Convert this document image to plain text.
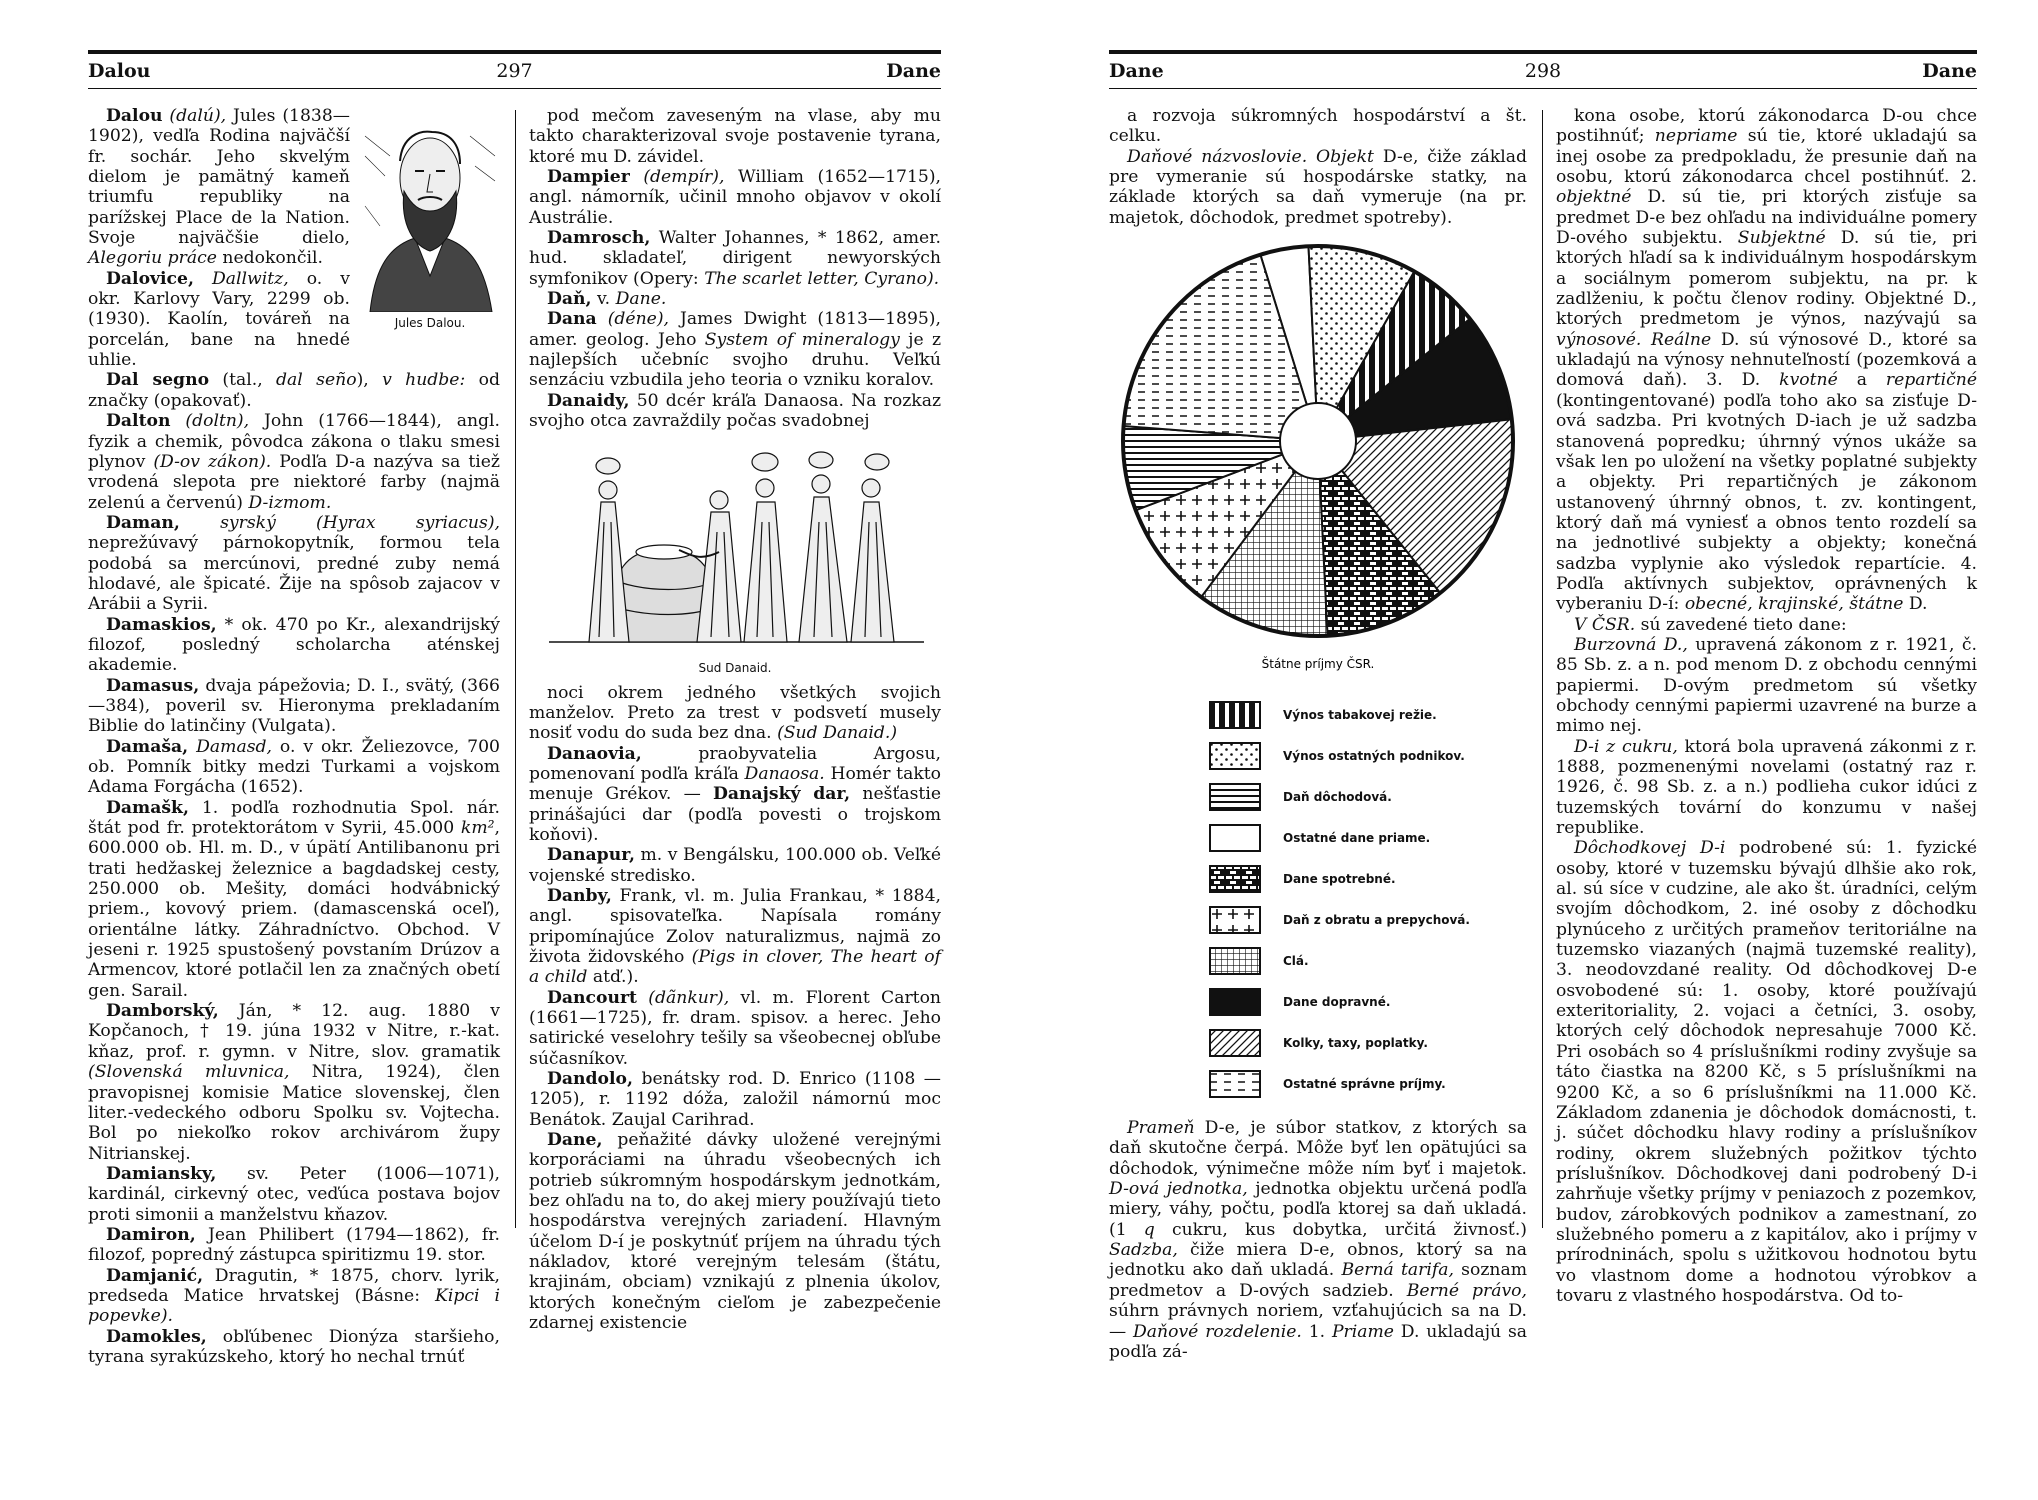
Dalou	297	Dane
Jules Dalou.

Dalou (dalú), Jules (1838—1902), vedľa Rodina najväčší fr. sochár. Jeho skvelým dielom je pamätný kameň triumfu republiky na parížskej Place de la Nation. Svoje najväčšie dielo, Alegoriu práce nedokončil.

Dalovice, Dallwitz, o. v okr. Karlovy Vary, 2299 ob. (1930). Kaolín, továreň na porcelán, bane na hnedé uhlie.

Dal segno (tal., dal seño), v hudbe: od značky (opakovať).

Dalton (doltn), John (1766—1844), angl. fyzik a chemik, pôvodca zákona o tlaku smesi plynov (D-ov zákon). Podľa D-a nazýva sa tiež vrodená slepota pre niektoré farby (najmä zelenú a červenú) D-izmom.

Daman, syrský (Hyrax syriacus), neprežúvavý párnokopytník, formou tela podobá sa mercúnovi, predné zuby nemá hlodavé, ale špicaté. Žije na spôsob zajacov v Arábii a Syrii.

Damaskios, * ok. 470 po Kr., alexandrijský filozof, posledný scholarcha aténskej akademie.

Damasus, dvaja pápežovia; D. I., svätý, (366—384), poveril sv. Hieronyma prekladaním Biblie do latinčiny (Vulgata).

Damaša, Damasd, o. v okr. Želiezovce, 700 ob. Pomník bitky medzi Turkami a vojskom Adama Forgácha (1652).

Damašk, 1. podľa rozhodnutia Spol. nár. štát pod fr. protektorátom v Syrii, 45.000 km², 600.000 ob. Hl. m. D., v úpätí Antilibanonu pri trati hedžaskej železnice a bagdadskej cesty, 250.000 ob. Mešity, domáci hodvábnický priem., kovový priem. (damascenská oceľ), orientálne látky. Záhradníctvo. Obchod. V jeseni r. 1925 spustošený povstaním Drúzov a Armencov, ktoré potlačil len za značných obetí gen. Sarail.

Damborský, Ján, * 12. aug. 1880 v Kopčanoch, † 19. júna 1932 v Nitre, r.-kat. kňaz, prof. r. gymn. v Nitre, slov. gramatik (Slovenská mluvnica, Nitra, 1924), člen pravopisnej komisie Matice slovenskej, člen liter.-vedeckého odboru Spolku sv. Vojtecha. Bol po niekoľko rokov archivárom župy Nitrianskej.

Damiansky, sv. Peter (1006—1071), kardinál, cirkevný otec, veďúca postava bojov proti simonii a manželstvu kňazov.

Damiron, Jean Philibert (1794—1862), fr. filozof, popredný zástupca spiritizmu 19. stor.

Damjanić, Dragutin, * 1875, chorv. lyrik, predseda Matice hrvatskej (Básne: Kipci i popevke).

Damokles, obľúbenec Dionýza staršieho, tyrana syrakúzskeho, ktorý ho nechal trnúť

pod mečom zaveseným na vlase, aby mu takto charakterizoval svoje postavenie tyrana, ktoré mu D. závidel.

Dampier (dempír), William (1652—1715), angl. námorník, učinil mnoho objavov v okolí Austrálie.

Damrosch, Walter Johannes, * 1862, amer. hud. skladateľ, dirigent newyorských symfonikov (Opery: The scarlet letter, Cyrano).

Daň, v. Dane.

Dana (déne), James Dwight (1813—1895), amer. geolog. Jeho System of mineralogy je z najlepších učebníc svojho druhu. Veľkú senzáciu vzbudila jeho teoria o vzniku koralov.

Danaidy, 50 dcér kráľa Danaosa. Na rozkaz svojho otca zavraždily počas svadobnej

Sud Danaid.

noci okrem jedného všetkých svojich manželov. Preto za trest v podsvetí musely nosiť vodu do suda bez dna. (Sud Danaid.)

Danaovia, praobyvatelia Argosu, pomenovaní podľa kráľa Danaosa. Homér takto menuje Grékov. — Danajský dar, nešťastie prinášajúci dar (podľa povesti o trojskom koňovi).

Danapur, m. v Bengálsku, 100.000 ob. Veľké vojenské stredisko.

Danby, Frank, vl. m. Julia Frankau, * 1884, angl. spisovateľka. Napísala romány pripomínajúce Zolov naturalizmus, najmä zo života židovského (Pigs in clover, The heart of a child atď.).

Dancourt (dãnkur), vl. m. Florent Carton (1661—1725), fr. dram. spisov. a herec. Jeho satirické veselohry tešily sa všeobecnej obľube súčasníkov.

Dandolo, benátsky rod. D. Enrico (1108 —1205), r. 1192 dóža, založil námornú moc Benátok. Zaujal Carihrad.

Dane, peňažité dávky uložené verejnými korporáciami na úhradu všeobecných ich potrieb súkromným hospodárskym jednotkám, bez ohľadu na to, do akej miery používajú tieto hospodárstva verejných zariadení. Hlavným účelom D-í je poskytnúť príjem na úhradu tých nákladov, ktoré verejným telesám (štátu, krajinám, obciam) vznikajú z plnenia úkolov, ktorých konečným cieľom je zabezpečenie zdarnej existencie

Dane	298	Dane

a rozvoja súkromných hospodárství a št. celku.

Daňové názvoslovie. Objekt D-e, čiže základ pre vymeranie sú hospodárske statky, na základe ktorých sa daň vymeruje (na pr. majetok, dôchodok, predmet spotreby).

Štátne príjmy ČSR.
Výnos tabakovej režie.
Výnos ostatných podnikov.
Daň dôchodová.
Ostatné dane priame.
Dane spotrebné.
Daň z obratu a prepychová.
Clá.
Dane dopravné.
Kolky, taxy, poplatky.
Ostatné správne príjmy.

Prameň D-e, je súbor statkov, z ktorých sa daň skutočne čerpá. Môže byť len opätujúci sa dôchodok, výnimečne môže ním byť i majetok. D-ová jednotka, jednotka objektu určená podľa miery, váhy, počtu, podľa ktorej sa daň ukladá. (1 q cukru, kus dobytka, určitá živnosť.) Sadzba, čiže miera D-e, obnos, ktorý sa na jednotku ako daň ukladá. Berná tarifa, soznam predmetov a D-ových sadzieb. Berné právo, súhrn právnych noriem, vzťahujúcich sa na D. — Daňové rozdelenie. 1. Priame D. ukladajú sa podľa zá-

kona osobe, ktorú zákonodarca D-ou chce postihnúť; nepriame sú tie, ktoré ukladajú sa inej osobe za predpokladu, že presunie daň na osobu, ktorú zákonodarca chcel postihnúť. 2. objektné D. sú tie, pri ktorých zisťuje sa predmet D-e bez ohľadu na individuálne pomery D-ového subjektu. Subjektné D. sú tie, pri ktorých hľadí sa k individuálnym hospodárskym a sociálnym pomerom subjektu, na pr. k zadlženiu, k počtu členov rodiny. Objektné D., ktorých predmetom je výnos, nazývajú sa výnosové. Reálne D. sú výnosové D., ktoré sa ukladajú na výnosy nehnuteľností (pozemková a domová daň). 3. D. kvotné a repartičné (kontingentované) podľa toho ako sa zisťuje D-ová sadzba. Pri kvotných D-iach je už sadzba stanovená popredku; úhrnný výnos ukáže sa však len po uložení na všetky poplatné subjekty a objekty. Pri repartičných je zákonom ustanovený úhrnný obnos, t. zv. kontingent, ktorý daň má vyniesť a obnos tento rozdelí sa na jednotlivé subjekty a objekty; konečná sadzba vyplynie ako výsledok repartície. 4. Podľa aktívnych subjektov, oprávnených k vyberaniu D-í: obecné, krajinské, štátne D.

V ČSR. sú zavedené tieto dane:

Burzovná D., upravená zákonom z r. 1921, č. 85 Sb. z. a n. pod menom D. z obchodu cennými papiermi. D-ovým predmetom sú všetky obchody cennými papiermi uzavrené na burze a mimo nej.

D-i z cukru, ktorá bola upravená zákonmi z r. 1888, pozmenenými novelami (ostatný raz r. 1926, č. 98 Sb. z. a n.) podlieha cukor idúci z tuzemských tovární do konzumu v našej republike.

Dôchodkovej D-i podrobené sú: 1. fyzické osoby, ktoré v tuzemsku bývajú dlhšie ako rok, al. sú síce v cudzine, ale ako št. úradníci, celým svojím dôchodkom, 2. iné osoby z dôchodku plynúceho z určitých prameňov teritoriálne na tuzemsko viazaných (najmä tuzemské reality), 3. neodovzdané reality. Od dôchodkovej D-e osvobodené sú: 1. osoby, ktoré používajú exteritoriality, 2. vojaci a četníci, 3. osoby, ktorých celý dôchodok nepresahuje 7000 Kč. Pri osobách so 4 príslušníkmi rodiny zvyšuje sa táto čiastka na 8200 Kč, s 5 príslušníkmi na 9200 Kč, a so 6 príslušníkmi na 11.000 Kč. Základom zdanenia je dôchodok domácnosti, t. j. súčet dôchodku hlavy rodiny a príslušníkov rodiny, okrem služebných požitkov týchto príslušníkov. Dôchodkovej dani podrobený D-i zahrňuje všetky príjmy v peniazoch z pozemkov, budov, zárobkových podnikov a zamestnaní, zo služebného pomeru a z kapitálov, ako i príjmy v prírodninách, spolu s užitkovou hodnotou bytu vo vlastnom dome a hodnotou výrobkov a tovaru z vlastného hospodárstva. Od to-
